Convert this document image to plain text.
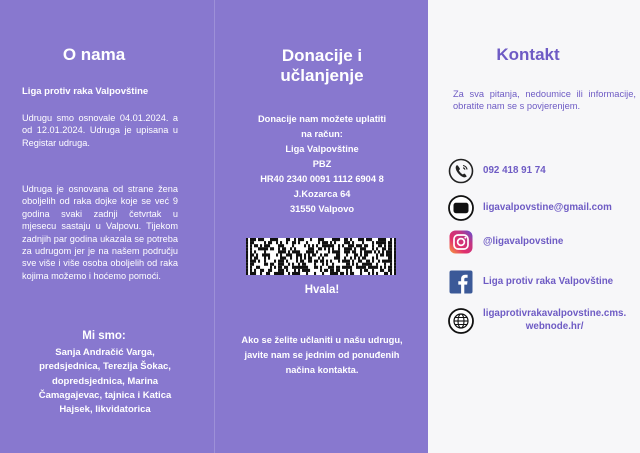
O nama
Liga protiv raka Valpovštine

Udrugu smo osnovale 04.01.2024. a od 12.01.2024. Udruga je upisana u Registar udruga.

Udruga je osnovana od strane žena oboljelih od raka dojke koje se već 9 godina svaki zadnji četvrtak u mjesecu sastaju u Valpovu. Tijekom zadnjih par godina ukazala se potreba za udrugom jer je na našem području sve više i više osoba oboljelih od raka kojima možemo i hoćemo pomoći.

Mi smo:
Sanja Andračić Varga,
predsjednica, Terezija Šokac,
dopredsjednica, Marina
Čamagajevac, tajnica i Katica
Hajsek, likvidatorica
Donacije i
učlanjenje
Donacije nam možete uplatiti
na račun:
Liga Valpovštine
PBZ
HR40 2340 0091 1112 6904 8
J.Kozarca 64
31550 Valpovo
Hvala!
Ako se želite učlaniti u našu udrugu,
javite nam se jednim od ponuđenih
načina kontakta.
Kontakt

Za sva pitanja, nedoumice ili informacije, obratite nam se s povjerenjem.

092 418 91 74
ligavalpovstine@gmail.com
@ligavalpovstine
Liga protiv raka Valpovštine
ligaprotivrakavalpovstine.cms.
webnode.hr/
